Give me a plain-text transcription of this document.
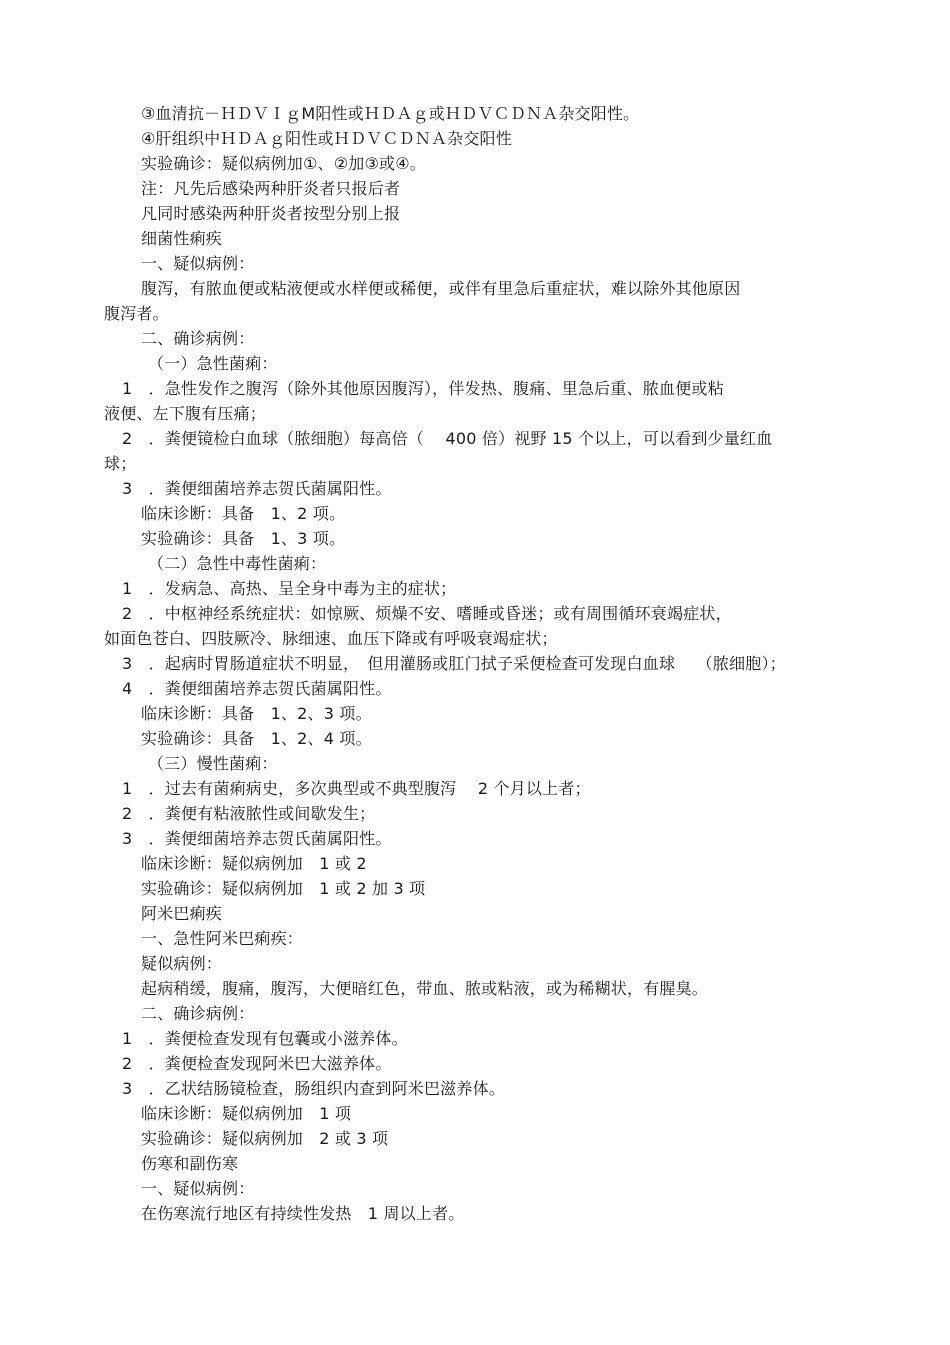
③血清抗－ＨＤＶＩｇM阳性或ＨＤＡｇ或ＨＤＶＣＤＮＡ杂交阳性。
④肝组织中ＨＤＡｇ阳性或ＨＤＶＣＤＮＡ杂交阳性
实验确诊：疑似病例加①、②加③或④。
注：凡先后感染两种肝炎者只报后者
凡同时感染两种肝炎者按型分别上报
细菌性痢疾
一、疑似病例：
腹泻，有脓血便或粘液便或水样便或稀便，或伴有里急后重症状，难以除外其他原因
腹泻者。
二、确诊病例：
（一）急性菌痢：
1　．急性发作之腹泻（除外其他原因腹泻），伴发热、腹痛、里急后重、脓血便或粘
液便、左下腹有压痛；
2　．粪便镜检白血球（脓细胞）每高倍（　 400 倍）视野 15 个以上，可以看到少量红血
球；
3　．粪便细菌培养志贺氏菌属阳性。
临床诊断：具备　1、2 项。
实验确诊：具备　1、3 项。
（二）急性中毒性菌痢：
1　．发病急、高热、呈全身中毒为主的症状；
2　．中枢神经系统症状：如惊厥、烦燥不安、嗜睡或昏迷；或有周围循环衰竭症状，
如面色苍白、四肢厥冷、脉细速、血压下降或有呼吸衰竭症状；
3　．起病时胃肠道症状不明显，　但用灌肠或肛门拭子采便检查可发现白血球　 （脓细胞）；
4　．粪便细菌培养志贺氏菌属阳性。
临床诊断：具备　1、2、3 项。
实验确诊：具备　1、2、4 项。
（三）慢性菌痢：
1　．过去有菌痢病史，多次典型或不典型腹泻　 2 个月以上者；
2　．粪便有粘液脓性或间歇发生；
3　．粪便细菌培养志贺氏菌属阳性。
临床诊断：疑似病例加　1 或 2
实验确诊：疑似病例加　1 或 2 加 3 项
阿米巴痢疾
一、急性阿米巴痢疾：
疑似病例：
起病稍缓，腹痛，腹泻，大便暗红色，带血、脓或粘液，或为稀糊状，有腥臭。
二、确诊病例：
1　．粪便检查发现有包囊或小滋养体。
2　．粪便检查发现阿米巴大滋养体。
3　．乙状结肠镜检查，肠组织内查到阿米巴滋养体。
临床诊断：疑似病例加　1 项
实验确诊：疑似病例加　2 或 3 项
伤寒和副伤寒
一、疑似病例：
在伤寒流行地区有持续性发热　1 周以上者。
